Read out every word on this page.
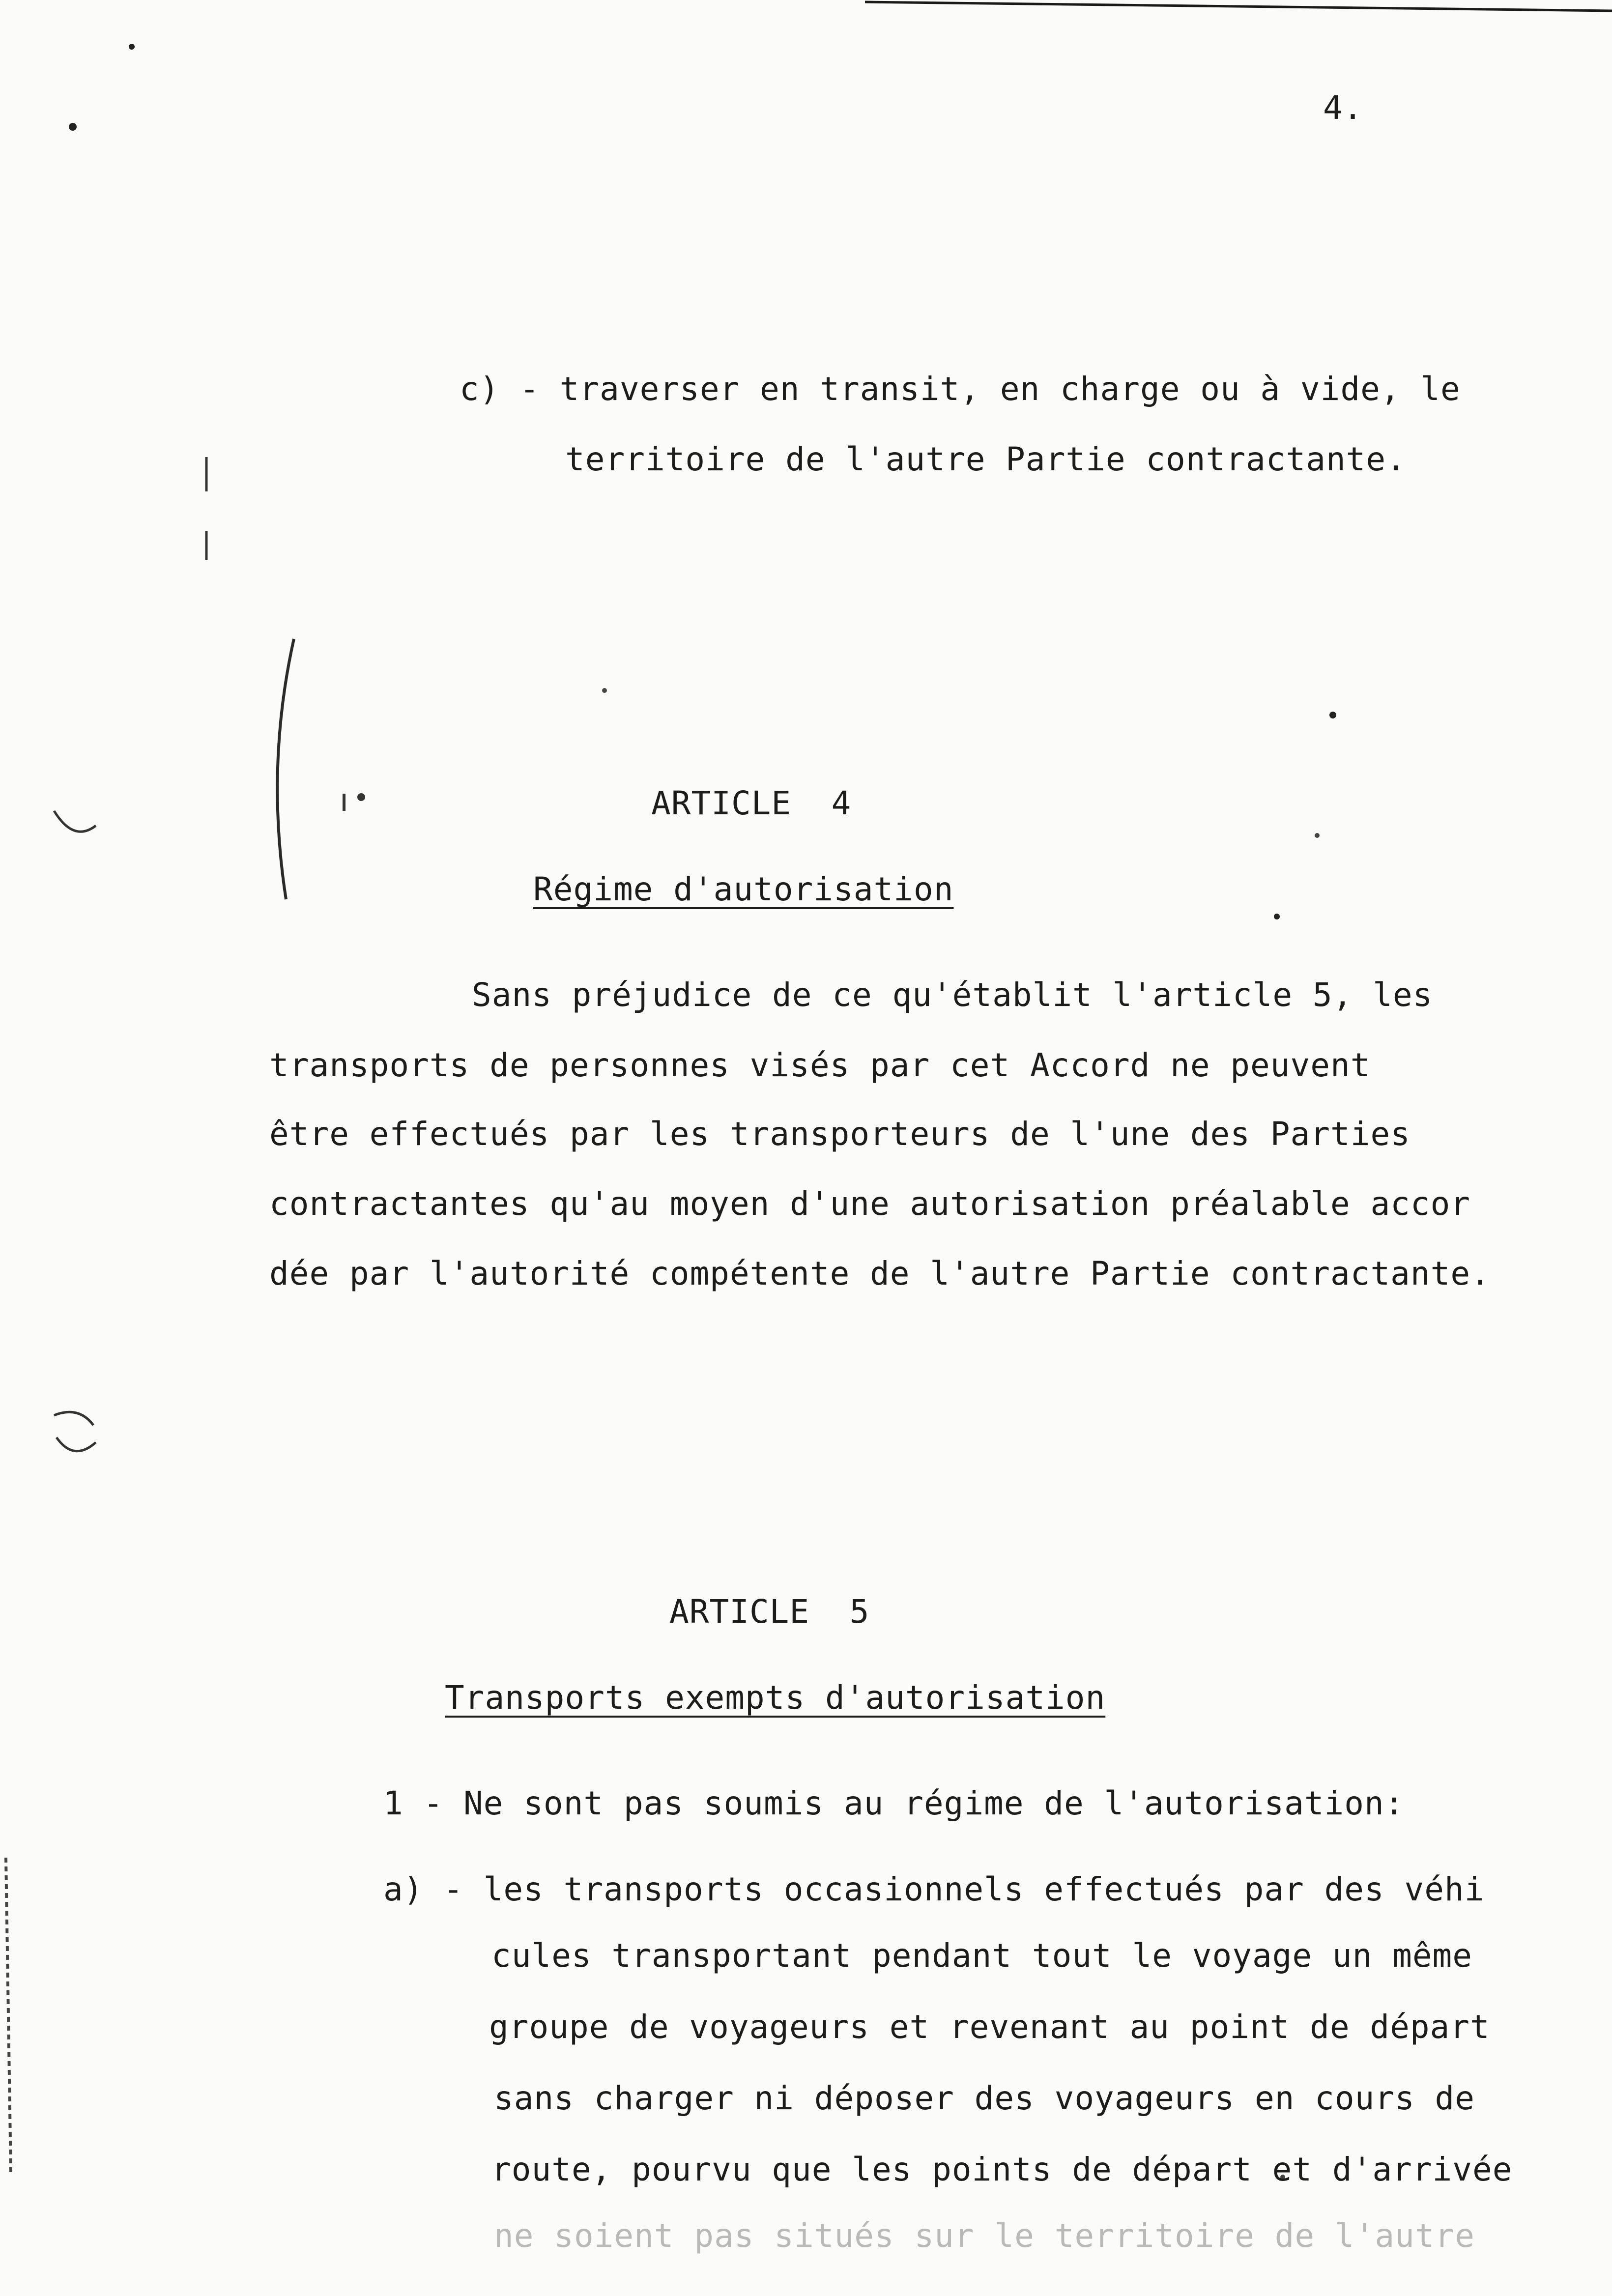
4.
c) - traverser en transit, en charge ou à vide, le
territoire de l'autre Partie contractante.
ARTICLE  4
Régime d'autorisation
Sans préjudice de ce qu'établit l'article 5, les
transports de personnes visés par cet Accord ne peuvent
être effectués par les transporteurs de l'une des Parties
contractantes qu'au moyen d'une autorisation préalable accor
dée par l'autorité compétente de l'autre Partie contractante.
ARTICLE  5
Transports exempts d'autorisation
1 - Ne sont pas soumis au régime de l'autorisation:
a) - les transports occasionnels effectués par des véhi
cules transportant pendant tout le voyage un même
groupe de voyageurs et revenant au point de départ
sans charger ni déposer des voyageurs en cours de
route, pourvu que les points de départ et d'arrivée
ne soient pas situés sur le territoire de l'autre
